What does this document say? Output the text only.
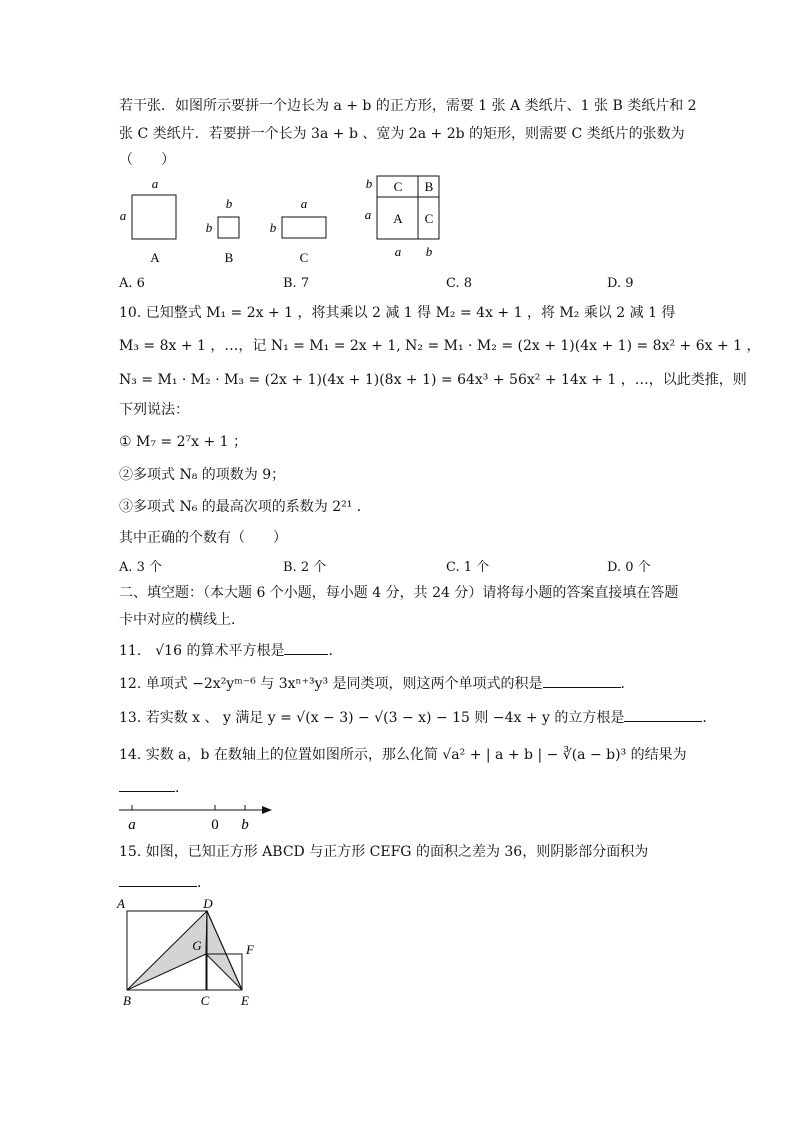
若干张．如图所示要拼一个边长为 a + b 的正方形，需要 1 张 A 类纸片、1 张 B 类纸片和 2
张 C 类纸片．若要拼一个长为 3a + b 、宽为 2a + 2b 的矩形，则需要 C 类纸片的张数为
（　　）
a
a
A
b
b
B
a
b
C
b
a
C B
A C
a b
A. 6	B. 7	C. 8	D. 9
10. 已知整式 M₁ = 2x + 1 ，将其乘以 2 减 1 得 M₂ = 4x + 1 ，将 M₂ 乘以 2 减 1 得
M₃ = 8x + 1 ，…，记 N₁ = M₁ = 2x + 1, N₂ = M₁ · M₂ = (2x + 1)(4x + 1) = 8x² + 6x + 1 ，
N₃ = M₁ · M₂ · M₃ = (2x + 1)(4x + 1)(8x + 1) = 64x³ + 56x² + 14x + 1 ，…，以此类推，则
下列说法：
① M₇ = 2⁷x + 1 ；
②多项式 N₈ 的项数为 9；
③多项式 N₆ 的最高次项的系数为 2²¹ ．
其中正确的个数有（　　）
A. 3 个	B. 2 个	C. 1 个	D. 0 个
二、填空题：（本大题 6 个小题，每小题 4 分，共 24 分）请将每小题的答案直接填在答题
卡中对应的横线上．
11.　√16 的算术平方根是	．
12. 单项式 −2x²yᵐ⁻⁶ 与 3xⁿ⁺³y³ 是同类项，则这两个单项式的积是	．
13. 若实数 x 、 y 满足 y = √(x − 3) − √(3 − x) − 15 则 −4x + y 的立方根是	．
14. 实数 a，b 在数轴上的位置如图所示，那么化简 √a² + | a + b | − ∛(a − b)³ 的结果为
．
a	0 b
15. 如图，已知正方形 ABCD 与正方形 CEFG 的面积之差为 36，则阴影部分面积为
．
A	D
G	F
B	C E
